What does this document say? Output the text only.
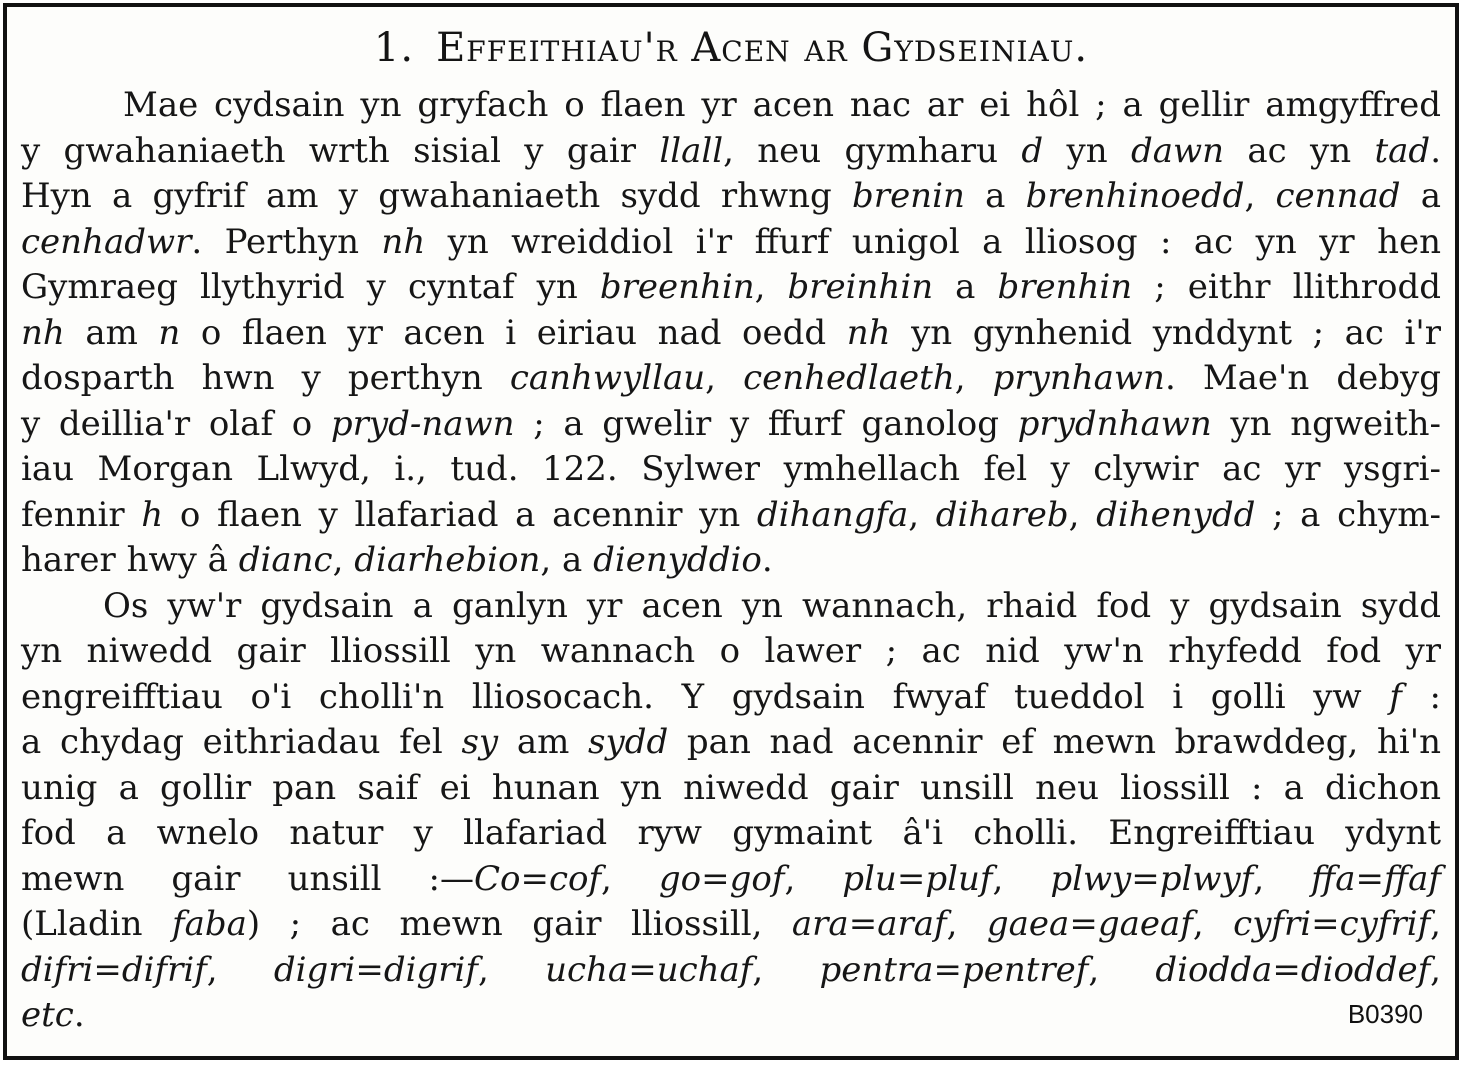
1. Effeithiau'r Acen ar Gydseiniau.
Mae cydsain yn gryfach o flaen yr acen nac ar ei hôl ; a gellir amgyffred
y gwahaniaeth wrth sisial y gair llall, neu gymharu d yn dawn ac yn tad.
Hyn a gyfrif am y gwahaniaeth sydd rhwng brenin a brenhinoedd, cennad a
cenhadwr. Perthyn nh yn wreiddiol i'r ffurf unigol a lliosog : ac yn yr hen
Gymraeg llythyrid y cyntaf yn breenhin, breinhin a brenhin ; eithr llithrodd
nh am n o flaen yr acen i eiriau nad oedd nh yn gynhenid ynddynt ; ac i'r
dosparth hwn y perthyn canhwyllau, cenhedlaeth, prynhawn. Mae'n debyg
y deillia'r olaf o pryd-nawn ; a gwelir y ffurf ganolog prydnhawn yn ngweith-
iau Morgan Llwyd, i., tud. 122. Sylwer ymhellach fel y clywir ac yr ysgri-
fennir h o flaen y llafariad a acennir yn dihangfa, dihareb, dihenydd ; a chym-
harer hwy â dianc, diarhebion, a dienyddio.
Os yw'r gydsain a ganlyn yr acen yn wannach, rhaid fod y gydsain sydd
yn niwedd gair lliossill yn wannach o lawer ; ac nid yw'n rhyfedd fod yr
engreifftiau o'i cholli'n lliosocach. Y gydsain fwyaf tueddol i golli yw f :
a chydag eithriadau fel sy am sydd pan nad acennir ef mewn brawddeg, hi'n
unig a gollir pan saif ei hunan yn niwedd gair unsill neu liossill : a dichon
fod a wnelo natur y llafariad ryw gymaint â'i cholli. Engreifftiau ydynt
mewn gair unsill :—Co=cof, go=gof, plu=pluf, plwy=plwyf, ffa=ffaf
(Lladin faba) ; ac mewn gair lliossill, ara=araf, gaea=gaeaf, cyfri=cyfrif,
difri=difrif, digri=digrif, ucha=uchaf, pentra=pentref, diodda=dioddef,
etc.	B0390
